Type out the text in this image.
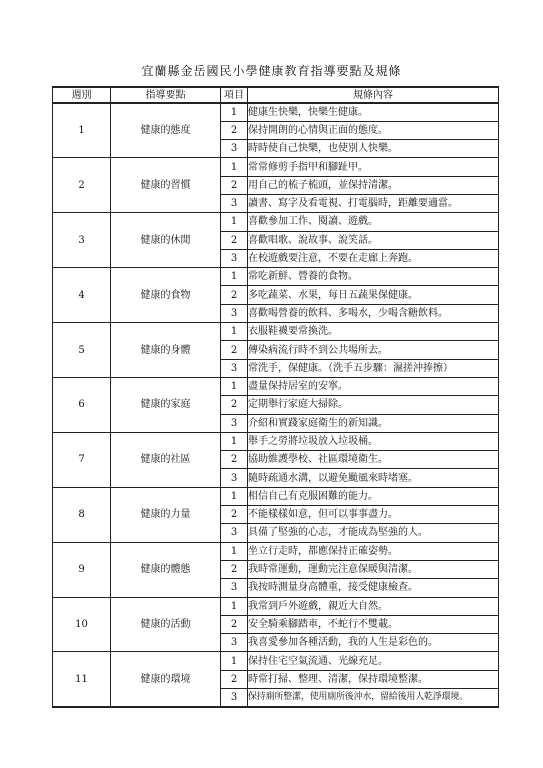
宜蘭縣金岳國民小學健康教育指導要點及規條
週別	指導要點	項目	規條內容
1	健康的態度	1	健康生快樂，快樂生健康。
		2	保持開朗的心情與正面的態度。
		3	時時使自己快樂，也使別人快樂。
2	健康的習慣	1	常常修剪手指甲和腳趾甲。
		2	用自己的梳子梳頭，並保持清潔。
		3	讀書、寫字及看電視、打電腦時，距離要適當。
3	健康的休閒	1	喜歡參加工作、閱讀、遊戲。
		2	喜歡唱歌、說故事、說笑話。
		3	在校遊戲要注意，不要在走廊上奔跑。
4	健康的食物	1	常吃新鮮、營養的食物。
		2	多吃蔬菜、水果，每日五蔬果保健康。
		3	喜歡喝營養的飲料、多喝水，少喝含糖飲料。
5	健康的身體	1	衣服鞋襪要常換洗。
		2	傳染病流行時不到公共場所去。
		3	常洗手，保健康。（洗手五步驟：濕搓沖捧擦）
6	健康的家庭	1	盡量保持居室的安寧。
		2	定期舉行家庭大掃除。
		3	介紹和實踐家庭衛生的新知識。
7	健康的社區	1	舉手之勞將垃圾放入垃圾桶。
		2	協助維護學校、社區環境衛生。
		3	隨時疏通水溝，以避免颱風來時堵塞。
8	健康的力量	1	相信自己有克服困難的能力。
		2	不能樣樣如意，但可以事事盡力。
		3	具備了堅強的心志，才能成為堅強的人。
9	健康的體態	1	坐立行走時，都應保持正確姿勢。
		2	我時常運動，運動完注意保暖與清潔。
		3	我按時測量身高體重，接受健康檢查。
10	健康的活動	1	我常到戶外遊戲，親近大自然。
		2	安全騎乘腳踏車，不蛇行不雙載。
		3	我喜愛參加各種活動，我的人生是彩色的。
11	健康的環境	1	保持住宅空氣流通、光線充足。
		2	時常打掃、整理、清潔，保持環境整潔。
		3	保持廁所整潔，使用廁所後沖水，留給後用人乾淨環境。
